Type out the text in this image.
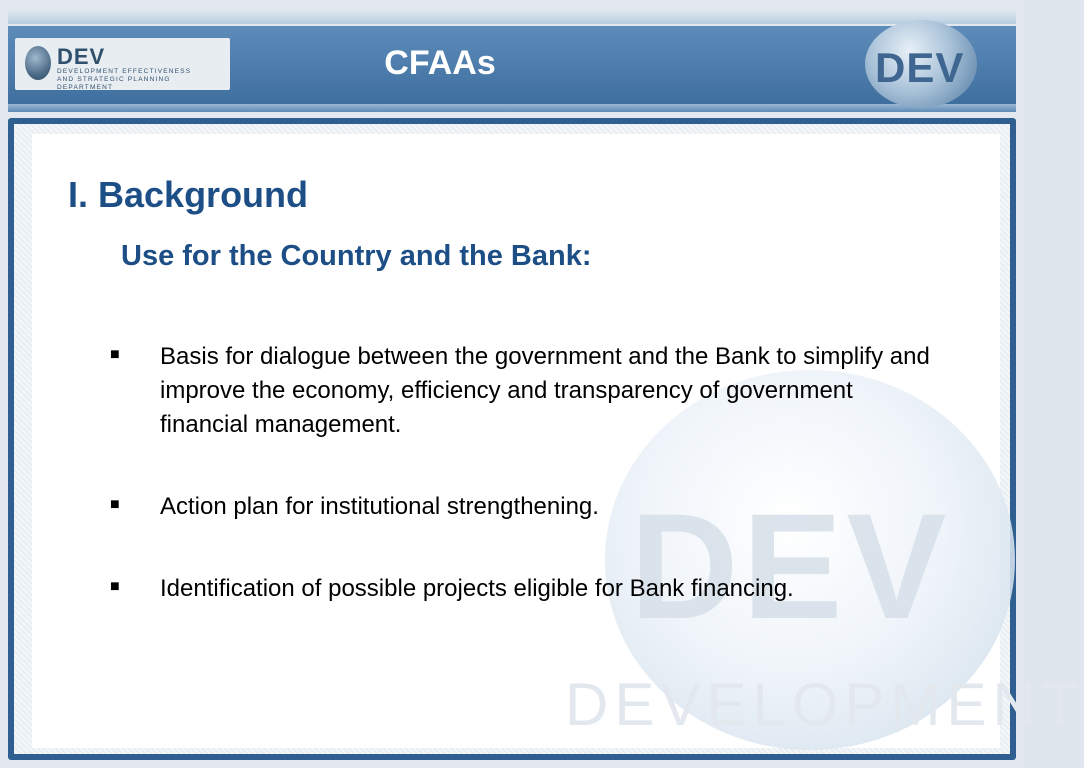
DEV
DEVELOPMENT EFFECTIVENESS
AND STRATEGIC PLANNING DEPARTMENT
CFAAs	DEV
DEV
DEVELOPMENT
I. Background
Use for the Country and the Bank:
■ Basis for dialogue between the government and the Bank to simplify and improve the economy, efficiency and transparency of government financial management.
■ Action plan for institutional strengthening.
■ Identification of possible projects eligible for Bank financing.
